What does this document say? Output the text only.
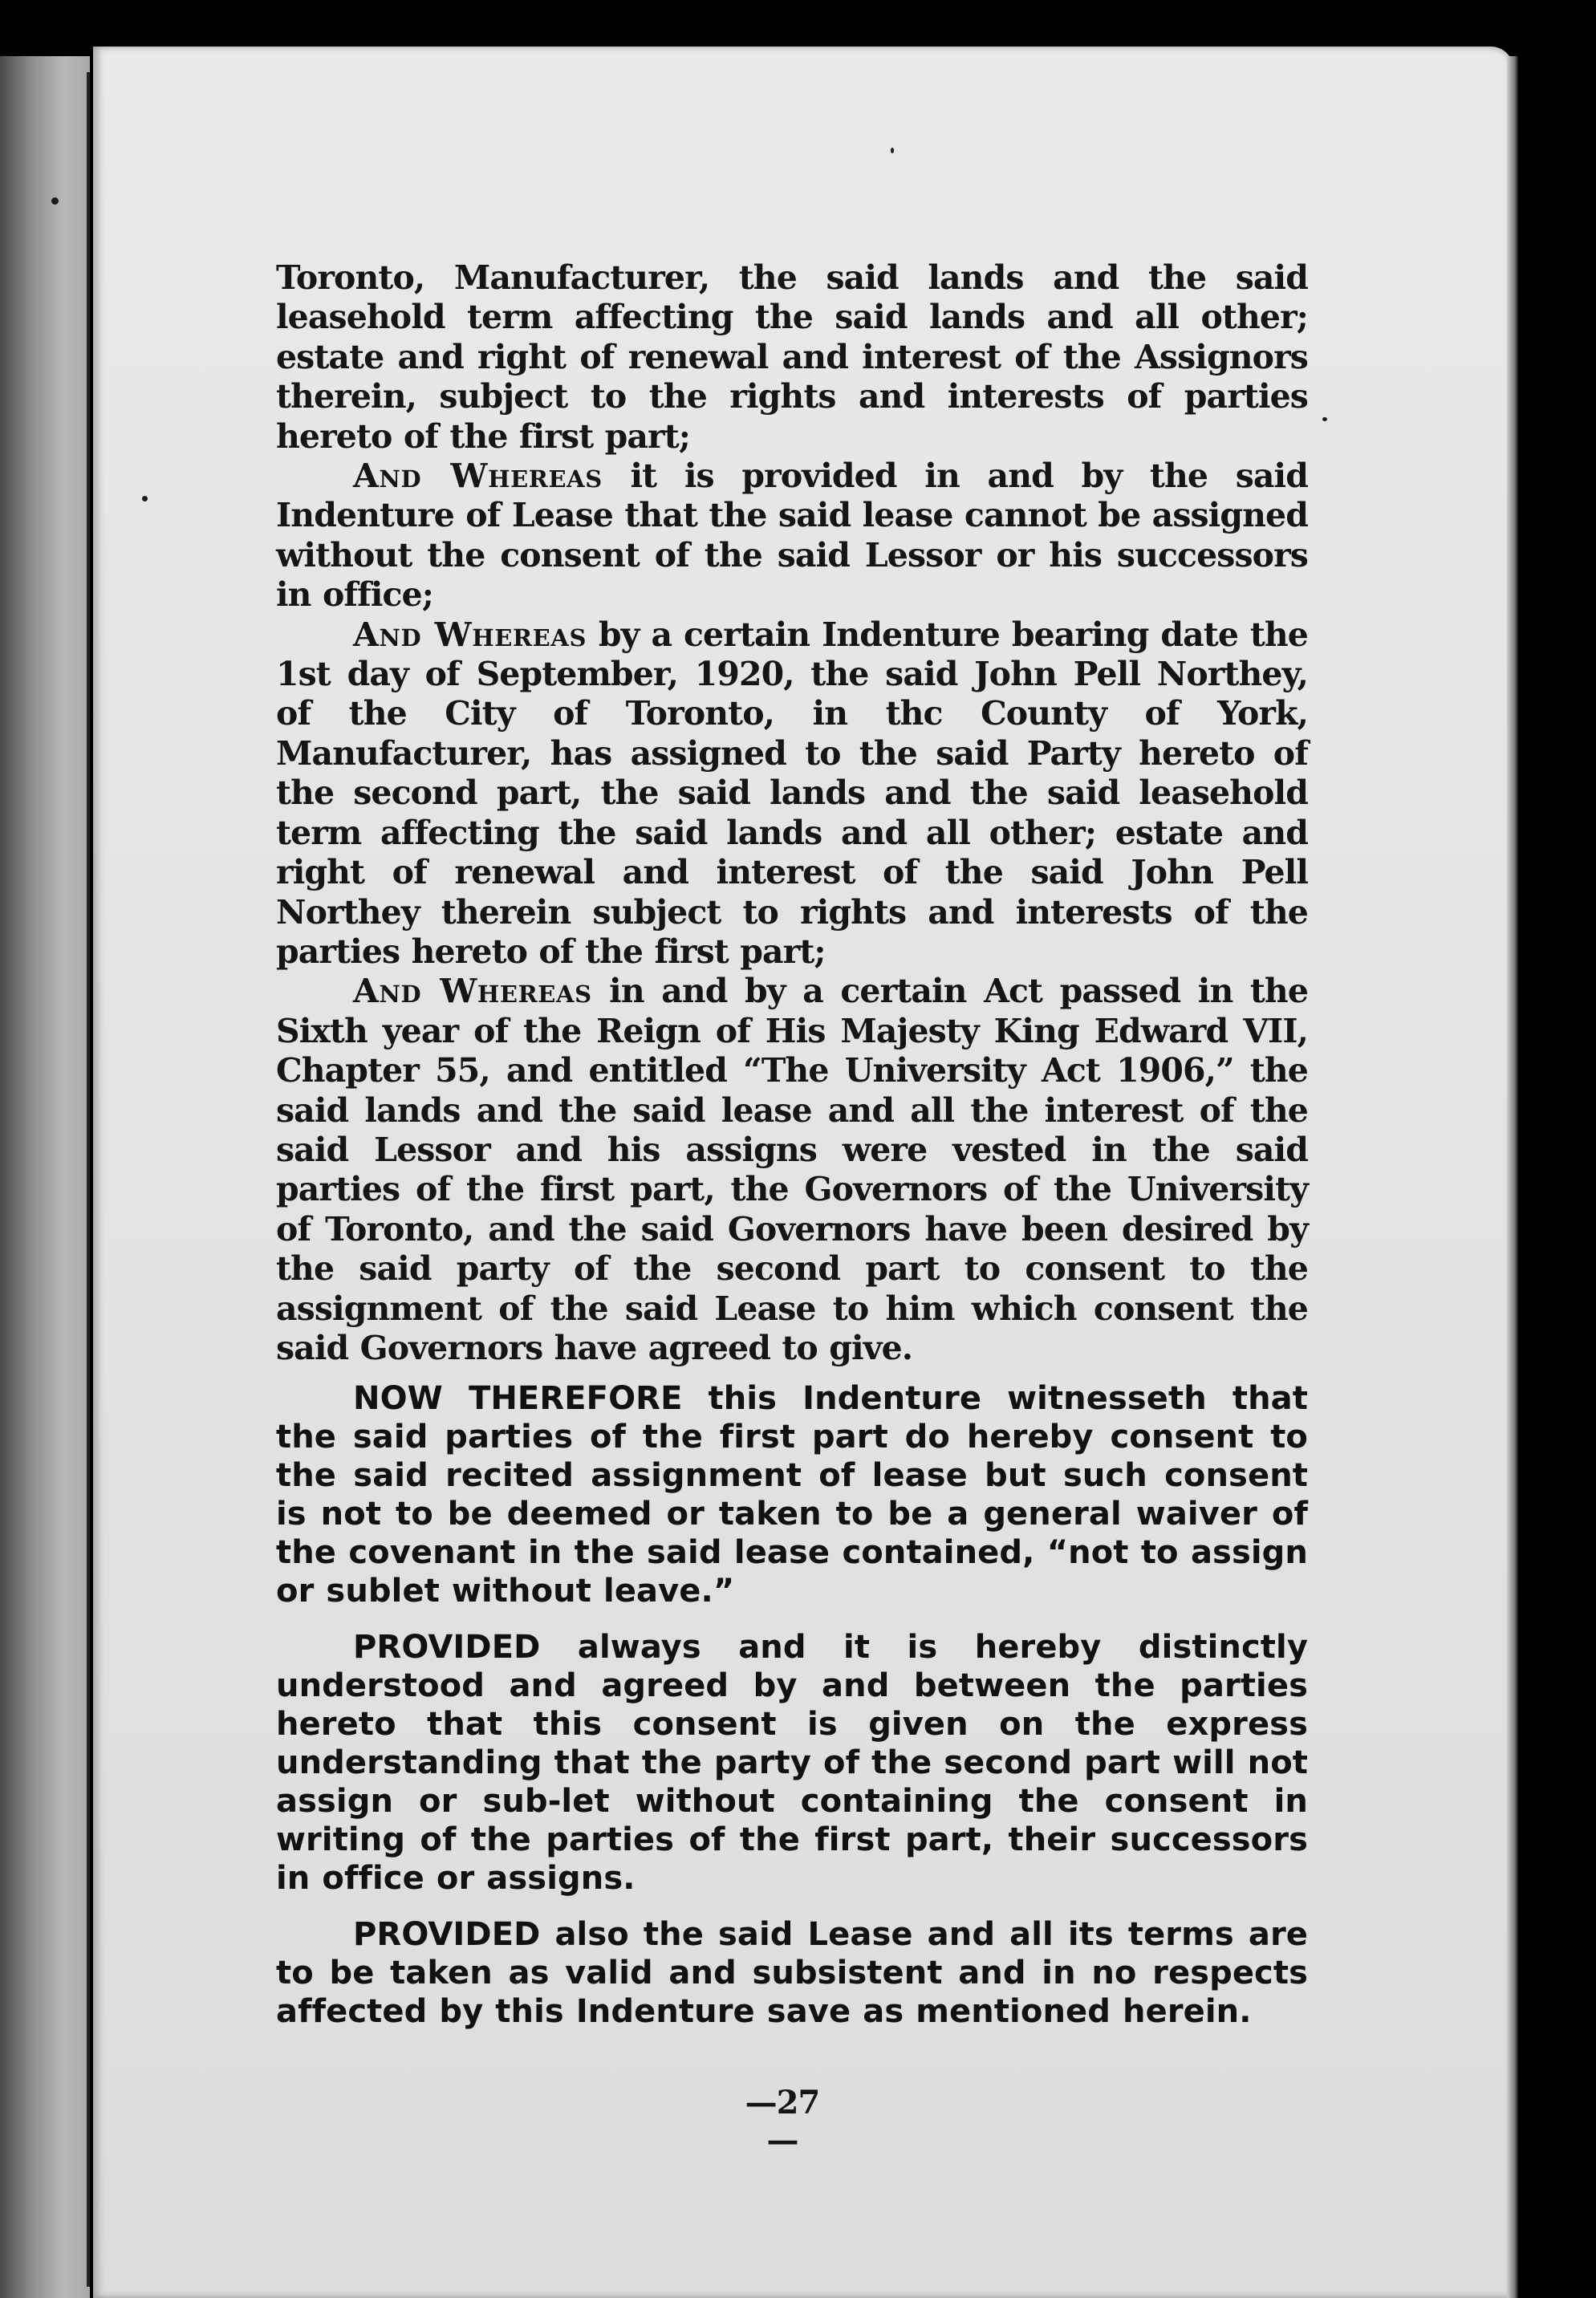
Toronto, Manufacturer, the said lands and the said leasehold term affecting the said lands and all other; estate and right of renewal and interest of the Assignors therein, subject to the rights and interests of parties hereto of the first part;

And Whereas it is provided in and by the said Indenture of Lease that the said lease cannot be assigned without the consent of the said Lessor or his successors in office;

And Whereas by a certain Indenture bearing date the 1st day of September, 1920, the said John Pell Northey, of the City of Toronto, in thc County of York, Manufacturer, has assigned to the said Party hereto of the second part, the said lands and the said leasehold term affecting the said lands and all other; estate and right of renewal and interest of the said John Pell Northey therein subject to rights and interests of the parties hereto of the first part;

And Whereas in and by a certain Act passed in the Sixth year of the Reign of His Majesty King Edward VII, Chapter 55, and entitled “The University Act 1906,” the said lands and the said lease and all the interest of the said Lessor and his assigns were vested in the said parties of the first part, the Governors of the University of Toronto, and the said Governors have been desired by the said party of the second part to consent to the assignment of the said Lease to him which consent the said Governors have agreed to give.

NOW THEREFORE this Indenture witnesseth that the said parties of the first part do hereby consent to the said recited assignment of lease but such consent is not to be deemed or taken to be a general waiver of the covenant in the said lease contained, “not to assign or sublet without leave.”

PROVIDED always and it is hereby distinctly understood and agreed by and between the parties hereto that this consent is given on the express understanding that the party of the second part will not assign or sub-let without containing the consent in writing of the parties of the first part, their successors in office or assigns.

PROVIDED also the said Lease and all its terms are to be taken as valid and subsistent and in no respects affected by this Indenture save as mentioned herein.

—27—
